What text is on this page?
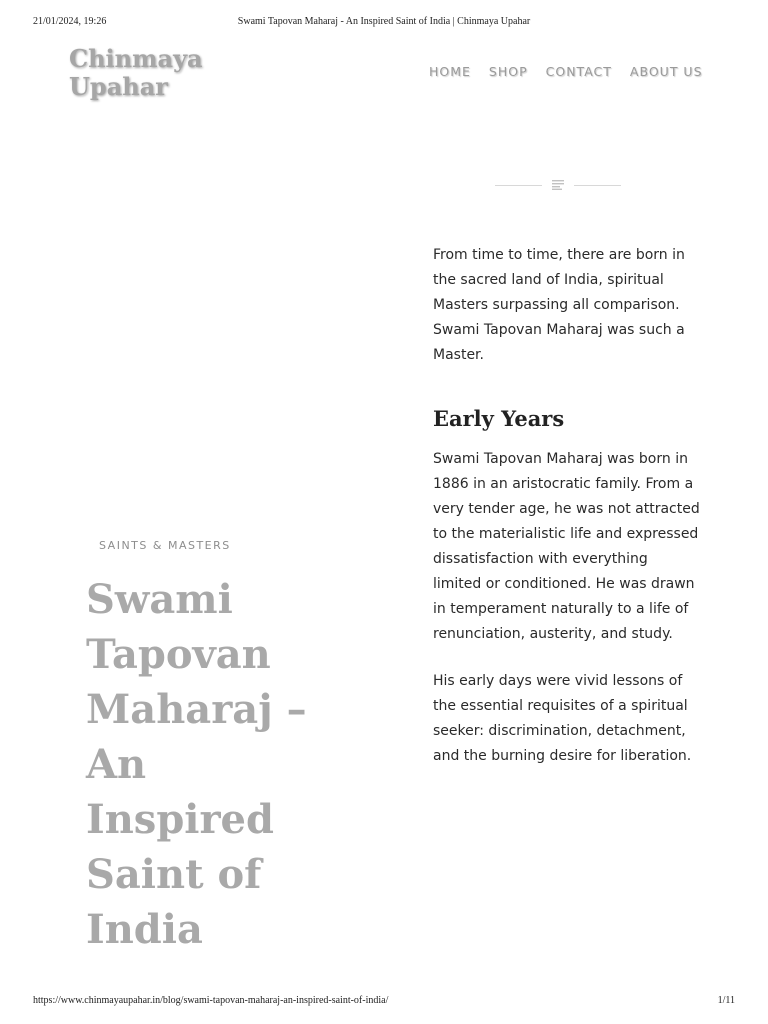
21/01/2024, 19:26	Swami Tapovan Maharaj - An Inspired Saint of India | Chinmaya Upahar
Chinmaya
Upahar
HOME SHOP CONTACT ABOUT US
SAINTS & MASTERS
Swami
Tapovan
Maharaj –
An
Inspired
Saint of
India

From time to time, there are born in
the sacred land of India, spiritual
Masters surpassing all comparison.
Swami Tapovan Maharaj was such a
Master.

Early Years

Swami Tapovan Maharaj was born in
1886 in an aristocratic family. From a
very tender age, he was not attracted
to the materialistic life and expressed
dissatisfaction with everything
limited or conditioned. He was drawn
in temperament naturally to a life of
renunciation, austerity, and study.

His early days were vivid lessons of
the essential requisites of a spiritual
seeker: discrimination, detachment,
and the burning desire for liberation.

https://www.chinmayaupahar.in/blog/swami-tapovan-maharaj-an-inspired-saint-of-india/	1/11
